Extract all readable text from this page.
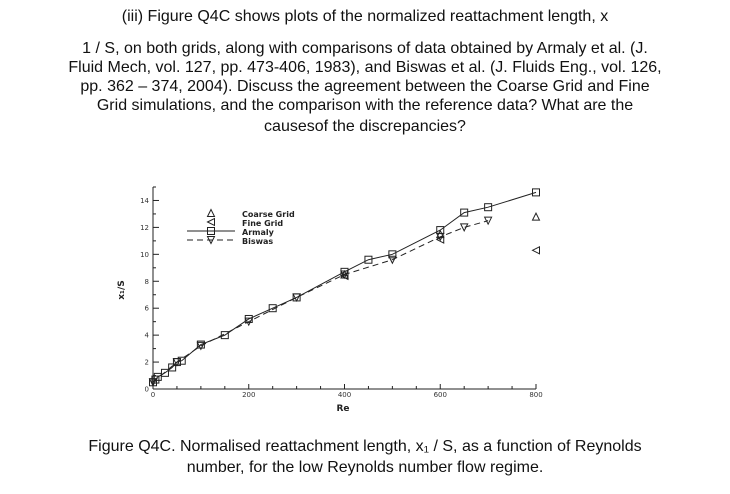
(iii) Figure Q4C shows plots of the normalized reattachment length, x
1 / S, on both grids, along with comparisons of data obtained by Armaly et al. (J.
Fluid Mech, vol. 127, pp. 473-406, 1983), and Biswas et al. (J. Fluids Eng., vol. 126,
pp. 362 – 374, 2004). Discuss the agreement between the Coarse Grid and Fine
Grid simulations, and the comparison with the reference data? What are the
causesof the discrepancies?
0	200	400	600	800
0
2
4
6
8
10
12
14
Coarse Grid
Fine Grid
Armaly
Biswas
Re
x₁/S
Figure Q4C. Normalised reattachment length, x₁ / S, as a function of Reynolds
number, for the low Reynolds number flow regime.
